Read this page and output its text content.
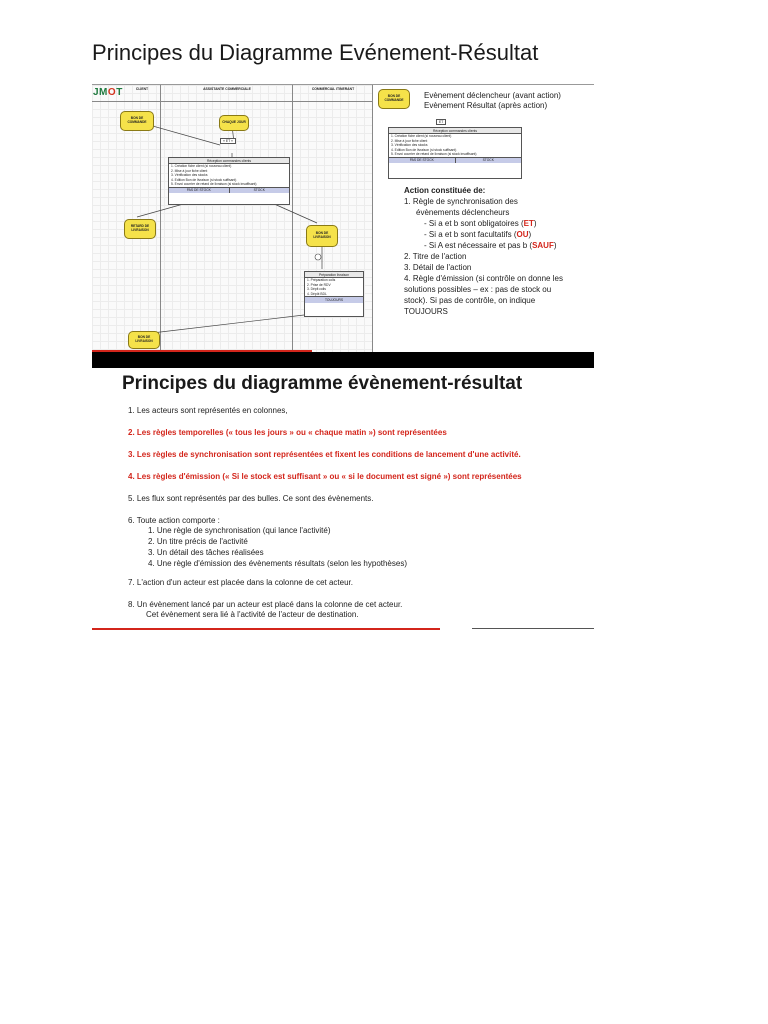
Principes du Diagramme Evénement-Résultat
JMOT	CLIENT	ASSISTANTE COMMERCIALE	COMMERCIAL ITINERANT
BON DE COMMANDE	CHAQUE JOUR
« ET »
Réception commandes clients
1. Création fiche client (si nouveau client)
2. Mise à jour fiche client
3. Vérification des stocks
4. Edition Bon de livraison (si stock suffisant)
5. Envoi courrier de retard de livraison (si stock insuffisant)
PAS DE STOCK	STOCK
RETARD DE LIVRAISON
BON DE LIVRAISON
Préparation livraison
1. Préparation colis
2. Prise de RDV
3. Déplt colis
4. Dépôt BDL
TOUJOURS
BON DE LIVRAISON
BON DE COMMANDE	Evènement déclencheur (avant action)
Evènement Résultat (après action)
ET
Réception commandes clients
1. Création fiche client (si nouveau client)
2. Mise à jour fiche client
3. Vérification des stocks
4. Edition Bon de livraison (si stock suffisant)
5. Envoi courrier de retard de livraison (si stock insuffisant)
PAS DE STOCK	STOCK
Action constituée de:
1. Règle de synchronisation des
évènements déclencheurs
- Si a et b sont obligatoires (ET)
- Si a et b sont facultatifs (OU)
- Si A est nécessaire et pas b (SAUF)
2. Titre de l'action
3. Détail de l'action
4. Règle d'émission (si contrôle on donne les
solutions possibles – ex : pas de stock ou
stock). Si pas de contrôle, on indique
TOUJOURS
Principes du diagramme évènement-résultat
1. Les acteurs sont représentés en colonnes,
2. Les règles temporelles (« tous les jours » ou « chaque matin ») sont représentées
3. Les règles de synchronisation sont représentées et fixent les conditions de lancement d'une activité.
4. Les règles d'émission (« Si le stock est suffisant » ou « si le document est signé ») sont représentées
5. Les flux sont représentés par des bulles. Ce sont des évènements.
6. Toute action comporte :
1. Une règle de synchronisation (qui lance l'activité)
2. Un titre précis de l'activité
3. Un détail des tâches réalisées
4. Une règle d'émission des évènements résultats (selon les hypothèses)
7. L'action d'un acteur est placée dans la colonne de cet acteur.
8. Un évènement lancé par un acteur est placé dans la colonne de cet acteur.
Cet évènement sera lié à l'activité de l'acteur de destination.
